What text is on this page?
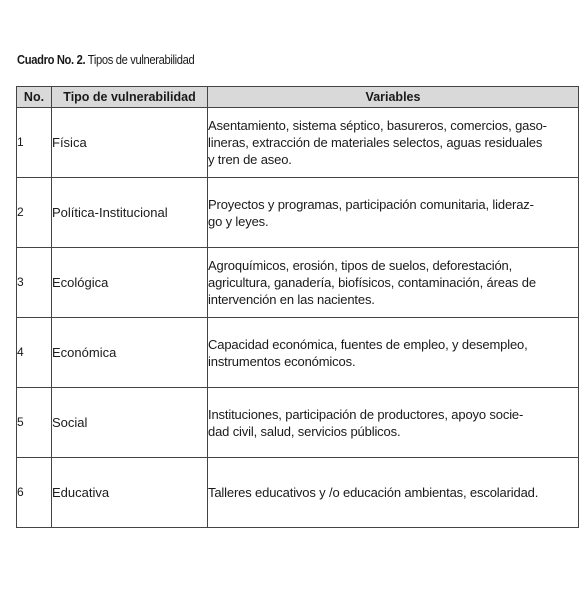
Cuadro No. 2. Tipos de vulnerabilidad
No.	Tipo de vulnerabilidad	Variables
1	Física	Asentamiento, sistema séptico, basureros, comercios, gaso-
lineras, extracción de materiales selectos, aguas residuales
y tren de aseo.

2	Política-Institucional	Proyectos y programas, participación comunitaria, lideraz-
go y leyes.

3	Ecológica	Agroquímicos, erosión, tipos de suelos, deforestación,
agricultura, ganadería, biofísicos, contaminación, áreas de
intervención en las nacientes.

4	Económica	Capacidad económica, fuentes de empleo, y desempleo,
instrumentos económicos.

5	Social	Instituciones, participación de productores, apoyo socie-
dad civil, salud, servicios públicos.

6	Educativa	Talleres educativos y /o educación ambientas, escolaridad.
